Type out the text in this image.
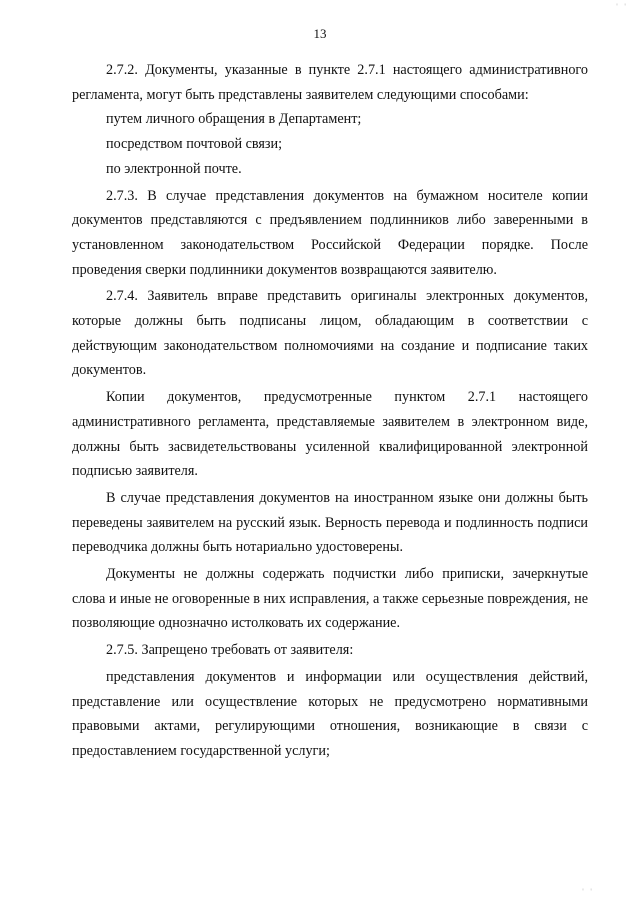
' '
13

2.7.2. Документы, указанные в пункте 2.7.1 настоящего административного регламента, могут быть представлены заявителем следующими способами:

путем личного обращения в Департамент;

посредством почтовой связи;

по электронной почте.

2.7.3. В случае представления документов на бумажном носителе копии документов представляются с предъявлением подлинников либо заверенными в установленном законодательством Российской Федерации порядке. После проведения сверки подлинники документов возвращаются заявителю.

2.7.4. Заявитель вправе представить оригиналы электронных документов, которые должны быть подписаны лицом, обладающим в соответствии с действующим законодательством полномочиями на создание и подписание таких документов.

Копии документов, предусмотренные пунктом 2.7.1 настоящего административного регламента, представляемые заявителем в электронном виде, должны быть засвидетельствованы усиленной квалифицированной электронной подписью заявителя.

В случае представления документов на иностранном языке они должны быть переведены заявителем на русский язык. Верность перевода и подлинность подписи переводчика должны быть нотариально удостоверены.

Документы не должны содержать подчистки либо приписки, зачеркнутые слова и иные не оговоренные в них исправления, а также серьезные повреждения, не позволяющие однозначно истолковать их содержание.

2.7.5. Запрещено требовать от заявителя:

представления документов и информации или осуществления действий, представление или осуществление которых не предусмотрено нормативными правовыми актами, регулирующими отношения, возникающие в связи с предоставлением государственной услуги;

' '
